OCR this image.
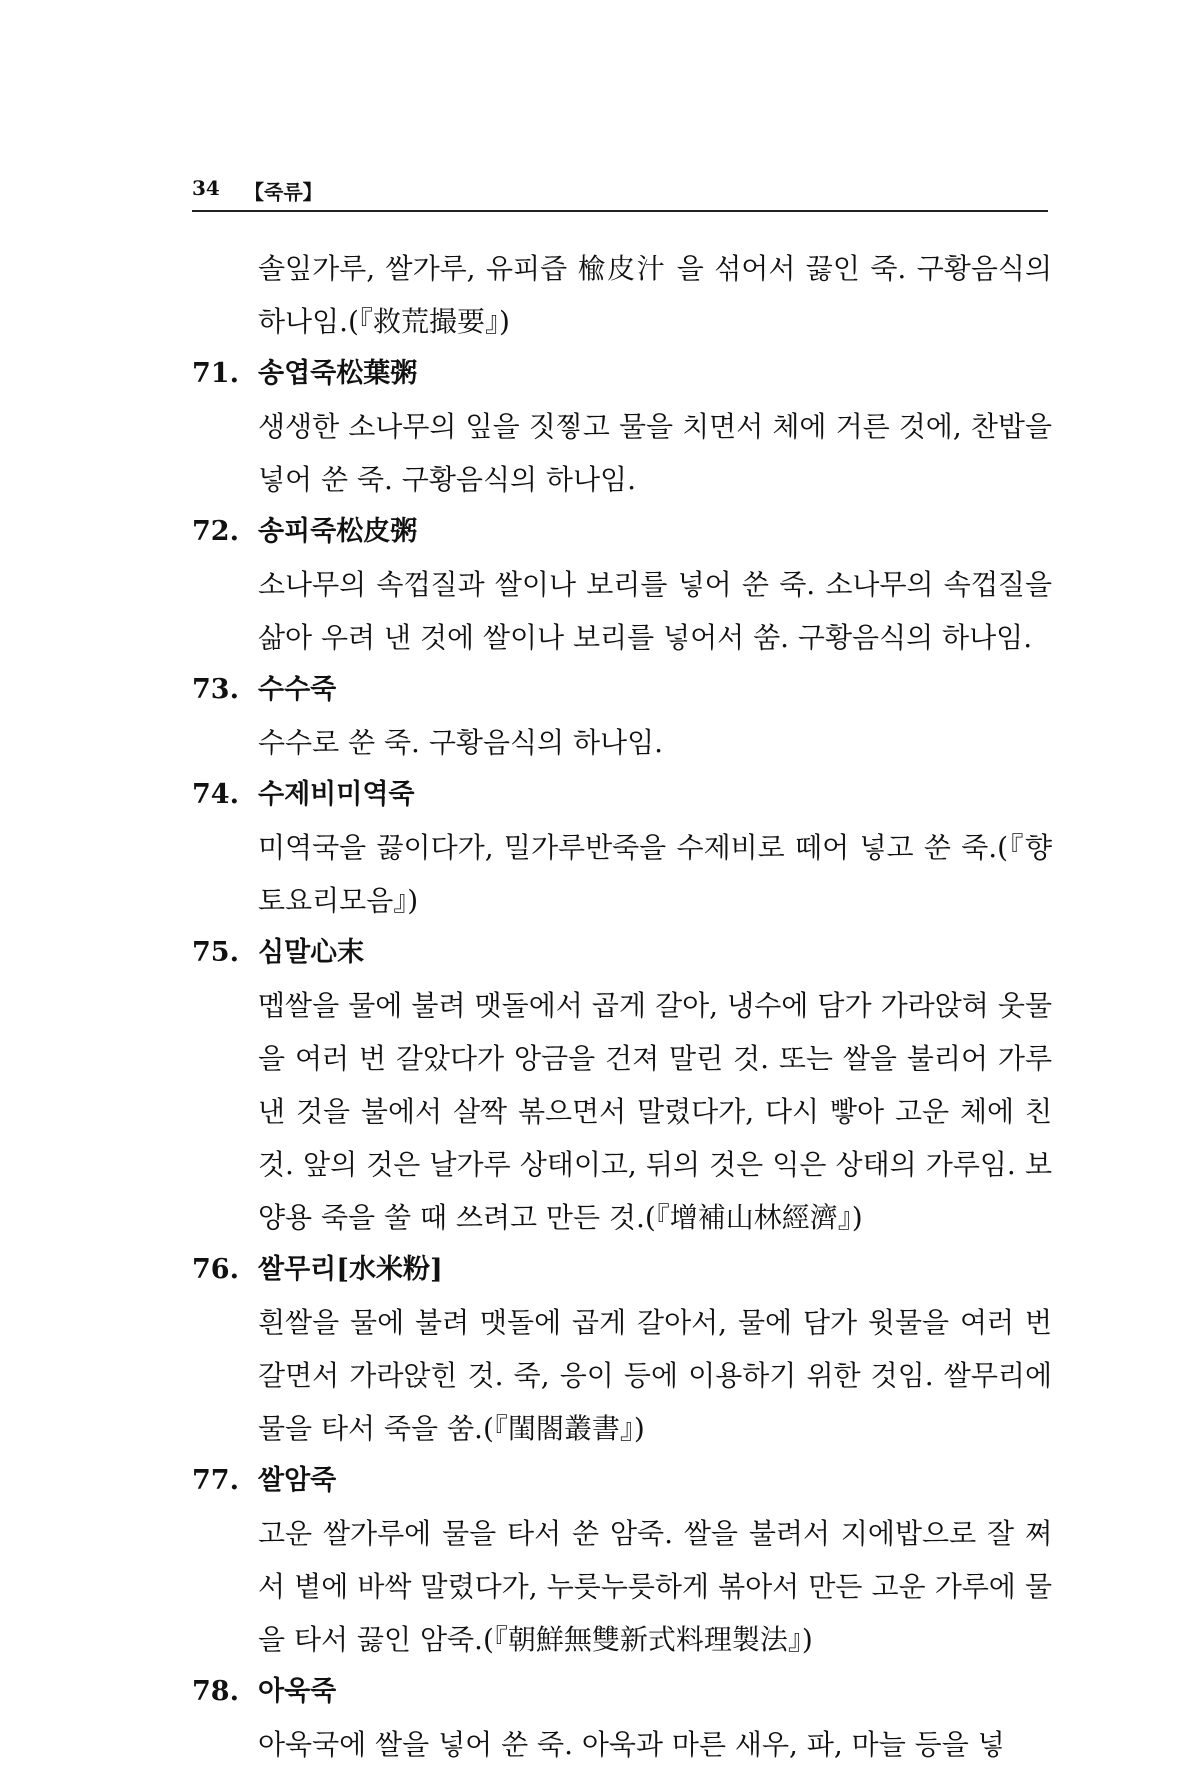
34 【죽류】
솔잎가루, 쌀가루, 유피즙 楡皮汁 을 섞어서 끓인 죽. 구황음식의 하나임.(『救荒撮要』)
71. 송엽죽松葉粥
생생한 소나무의 잎을 짓찧고 물을 치면서 체에 거른 것에, 찬밥을 넣어 쑨 죽. 구황음식의 하나임.
72. 송피죽松皮粥
소나무의 속껍질과 쌀이나 보리를 넣어 쑨 죽. 소나무의 속껍질을 삶아 우려 낸 것에 쌀이나 보리를 넣어서 쑴. 구황음식의 하나임.
73. 수수죽
수수로 쑨 죽. 구황음식의 하나임.
74. 수제비미역죽
미역국을 끓이다가, 밀가루반죽을 수제비로 떼어 넣고 쑨 죽.(『향토요리모음』)
75. 심말心末
멥쌀을 물에 불려 맷돌에서 곱게 갈아, 냉수에 담가 가라앉혀 웃물을 여러 번 갈았다가 앙금을 건져 말린 것. 또는 쌀을 불리어 가루 낸 것을 불에서 살짝 볶으면서 말렸다가, 다시 빻아 고운 체에 친 것. 앞의 것은 날가루 상태이고, 뒤의 것은 익은 상태의 가루임. 보양용 죽을 쑬 때 쓰려고 만든 것.(『增補山林經濟』)
76. 쌀무리[水米粉]
흰쌀을 물에 불려 맷돌에 곱게 갈아서, 물에 담가 윗물을 여러 번 갈면서 가라앉힌 것. 죽, 응이 등에 이용하기 위한 것임. 쌀무리에 물을 타서 죽을 쑴.(『閨閤叢書』)
77. 쌀암죽
고운 쌀가루에 물을 타서 쑨 암죽. 쌀을 불려서 지에밥으로 잘 쪄서 볕에 바싹 말렸다가, 누릇누릇하게 볶아서 만든 고운 가루에 물을 타서 끓인 암죽.(『朝鮮無雙新式料理製法』)
78. 아욱죽
아욱국에 쌀을 넣어 쑨 죽. 아욱과 마른 새우, 파, 마늘 등을 넣
